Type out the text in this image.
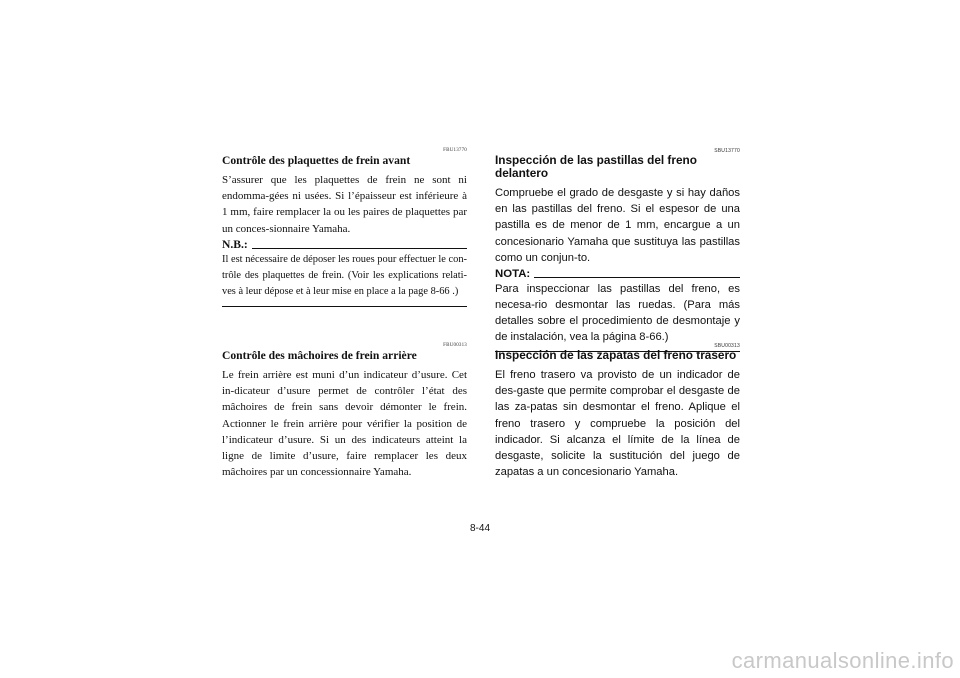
FBU13770
Contrôle des plaquettes de frein avant

S’assurer que les plaquettes de frein ne sont ni endomma-gées ni usées. Si l’épaisseur est inférieure à 1 mm, faire remplacer la ou les paires de plaquettes par un conces-sionnaire Yamaha.

N.B.:
Il est nécessaire de déposer les roues pour effectuer le con-trôle des plaquettes de frein. (Voir les explications relati-ves à leur dépose et à leur mise en place a la page 8-66 .)
FBU00313
Contrôle des mâchoires de frein arrière

Le frein arrière est muni d’un indicateur d’usure. Cet in-dicateur d’usure permet de contrôler l’état des mâchoires de frein sans devoir démonter le frein. Actionner le frein arrière pour vérifier la position de l’indicateur d’usure. Si un des indicateurs atteint la ligne de limite d’usure, faire remplacer les deux mâchoires par un concessionnaire Yamaha.

SBU13770
Inspección de las pastillas del freno delantero

Compruebe el grado de desgaste y si hay daños en las pastillas del freno. Si el espesor de una pastilla es de menor de 1 mm, encargue a un concesionario Yamaha que sustituya las pastillas como un conjun-to.

NOTA:
Para inspeccionar las pastillas del freno, es necesa-rio desmontar las ruedas. (Para más detalles sobre el procedimiento de desmontaje y de instalación, vea la página 8-66.)
SBU00313
Inspección de las zapatas del freno trasero

El freno trasero va provisto de un indicador de des-gaste que permite comprobar el desgaste de las za-patas sin desmontar el freno. Aplique el freno trasero y compruebe la posición del indicador. Si alcanza el límite de la línea de desgaste, solicite la sustitución del juego de zapatas a un concesionario Yamaha.

8-44
carmanualsonline.info
